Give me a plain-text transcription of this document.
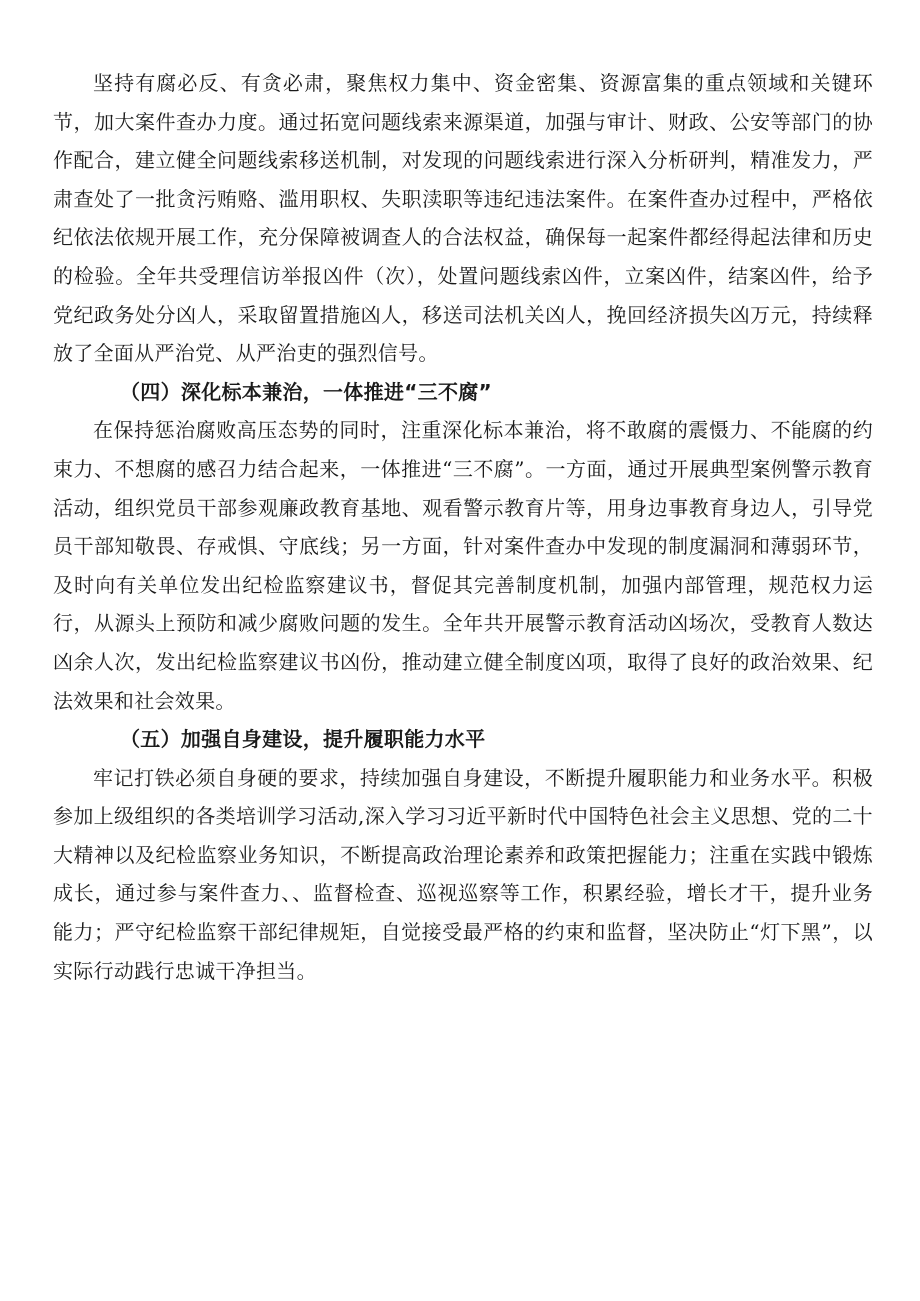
坚持有腐必反、有贪必肃，聚焦权力集中、资金密集、资源富集的重点领域和关键环节，加大案件查办力度。通过拓宽问题线索来源渠道，加强与审计、财政、公安等部门的协作配合，建立健全问题线索移送机制，对发现的问题线索进行深入分析研判，精准发力，严肃查处了一批贪污贿赂、滥用职权、失职渎职等违纪违法案件。在案件查办过程中，严格依纪依法依规开展工作，充分保障被调查人的合法权益，确保每一起案件都经得起法律和历史的检验。全年共受理信访举报凶件（次），处置问题线索凶件，立案凶件，结案凶件，给予党纪政务处分凶人，采取留置措施凶人，移送司法机关凶人，挽回经济损失凶万元，持续释放了全面从严治党、从严治吏的强烈信号。

（四）深化标本兼治，一体推进“三不腐”

在保持惩治腐败高压态势的同时，注重深化标本兼治，将不敢腐的震慑力、不能腐的约束力、不想腐的感召力结合起来，一体推进“三不腐”。一方面，通过开展典型案例警示教育活动，组织党员干部参观廉政教育基地、观看警示教育片等，用身边事教育身边人，引导党员干部知敬畏、存戒惧、守底线；另一方面，针对案件查办中发现的制度漏洞和薄弱环节，及时向有关单位发出纪检监察建议书，督促其完善制度机制，加强内部管理，规范权力运行，从源头上预防和减少腐败问题的发生。全年共开展警示教育活动凶场次，受教育人数达凶余人次，发出纪检监察建议书凶份，推动建立健全制度凶项，取得了良好的政治效果、纪法效果和社会效果。

（五）加强自身建设，提升履职能力水平

牢记打铁必须自身硬的要求，持续加强自身建设，不断提升履职能力和业务水平。积极参加上级组织的各类培训学习活动,深入学习习近平新时代中国特色社会主义思想、党的二十大精神以及纪检监察业务知识，不断提高政治理论素养和政策把握能力；注重在实践中锻炼成长，通过参与案件查力、、监督检查、巡视巡察等工作，积累经验，增长才干，提升业务能力；严守纪检监察干部纪律规矩，自觉接受最严格的约束和监督，坚决防止“灯下黑”，以实际行动践行忠诚干净担当。
